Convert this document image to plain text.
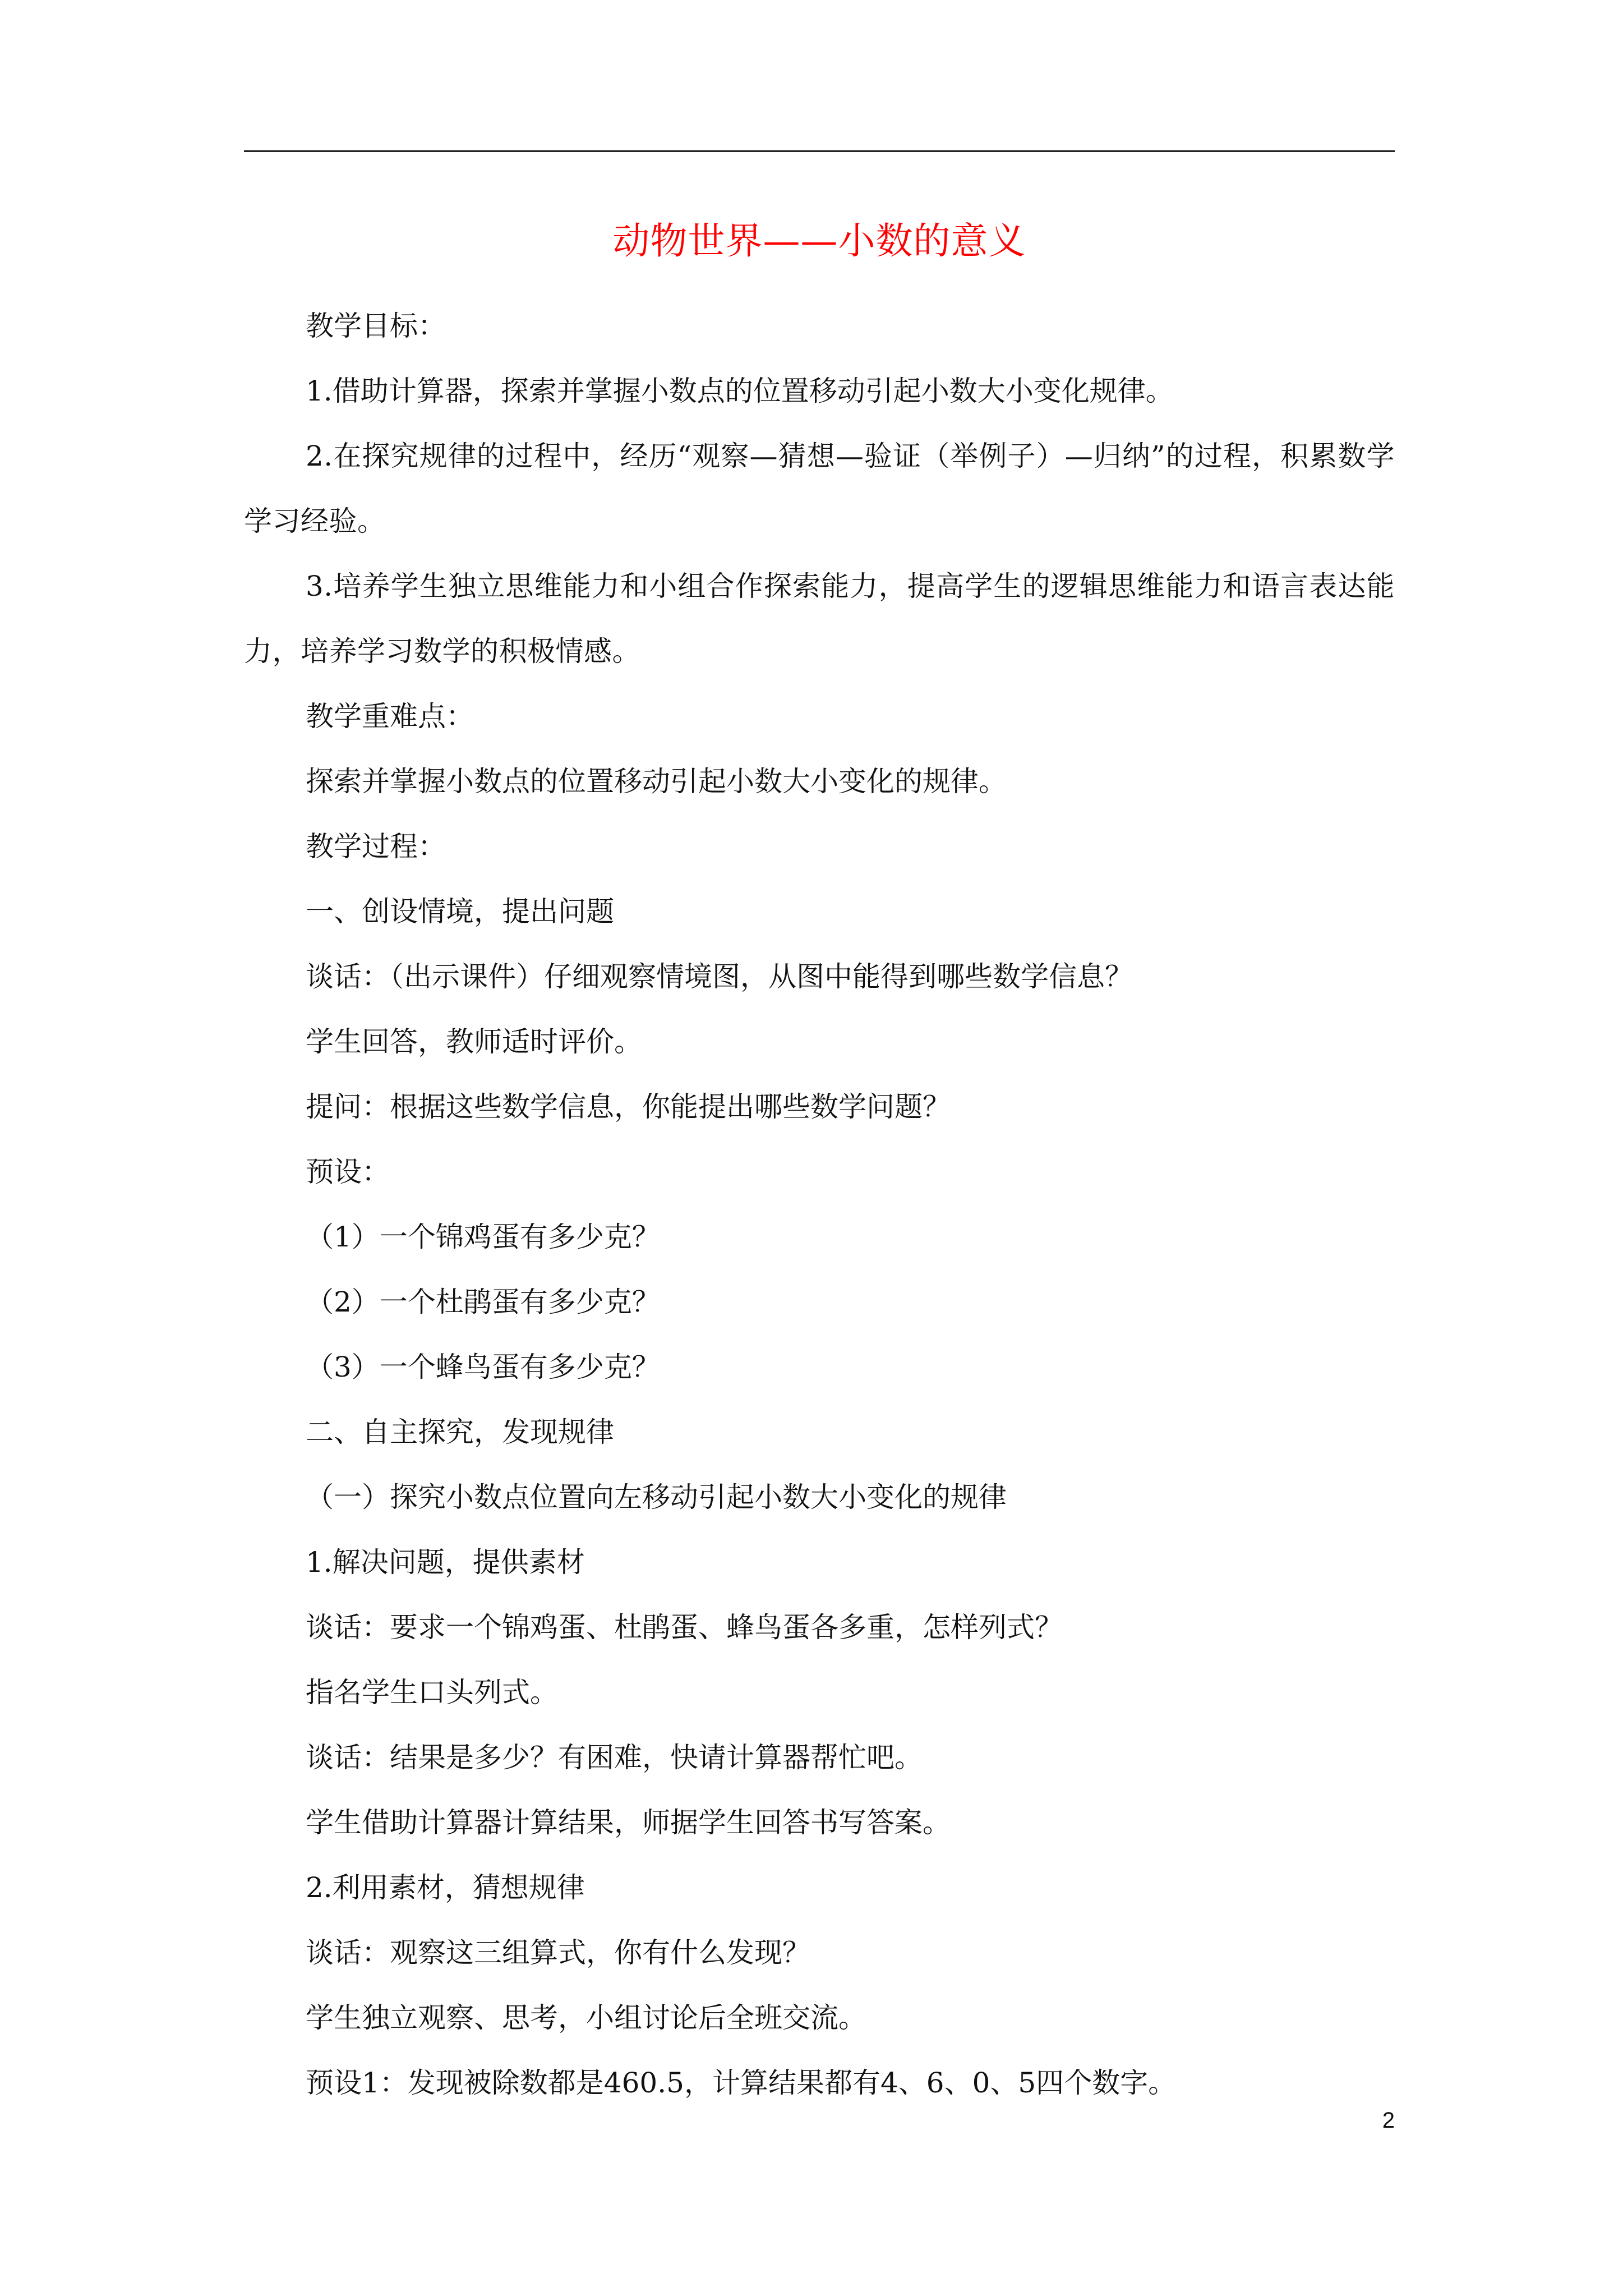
动物世界——小数的意义

教学目标：

1.借助计算器，探索并掌握小数点的位置移动引起小数大小变化规律。

2.在探究规律的过程中，经历“观察—猜想—验证（举例子）—归纳”的过程，积累数学学习经验。

3.培养学生独立思维能力和小组合作探索能力，提高学生的逻辑思维能力和语言表达能力，培养学习数学的积极情感。

教学重难点：

探索并掌握小数点的位置移动引起小数大小变化的规律。

教学过程：

一、创设情境，提出问题

谈话：（出示课件）仔细观察情境图，从图中能得到哪些数学信息？

学生回答，教师适时评价。

提问：根据这些数学信息，你能提出哪些数学问题？

预设：

（1）一个锦鸡蛋有多少克？

（2）一个杜鹃蛋有多少克？

（3）一个蜂鸟蛋有多少克？

二、自主探究，发现规律

（一）探究小数点位置向左移动引起小数大小变化的规律

1.解决问题，提供素材

谈话：要求一个锦鸡蛋、杜鹃蛋、蜂鸟蛋各多重，怎样列式？

指名学生口头列式。

谈话：结果是多少？有困难，快请计算器帮忙吧。

学生借助计算器计算结果，师据学生回答书写答案。

2.利用素材，猜想规律

谈话：观察这三组算式，你有什么发现？

学生独立观察、思考，小组讨论后全班交流。

预设1：发现被除数都是460.5，计算结果都有4、6、0、5四个数字。

2
